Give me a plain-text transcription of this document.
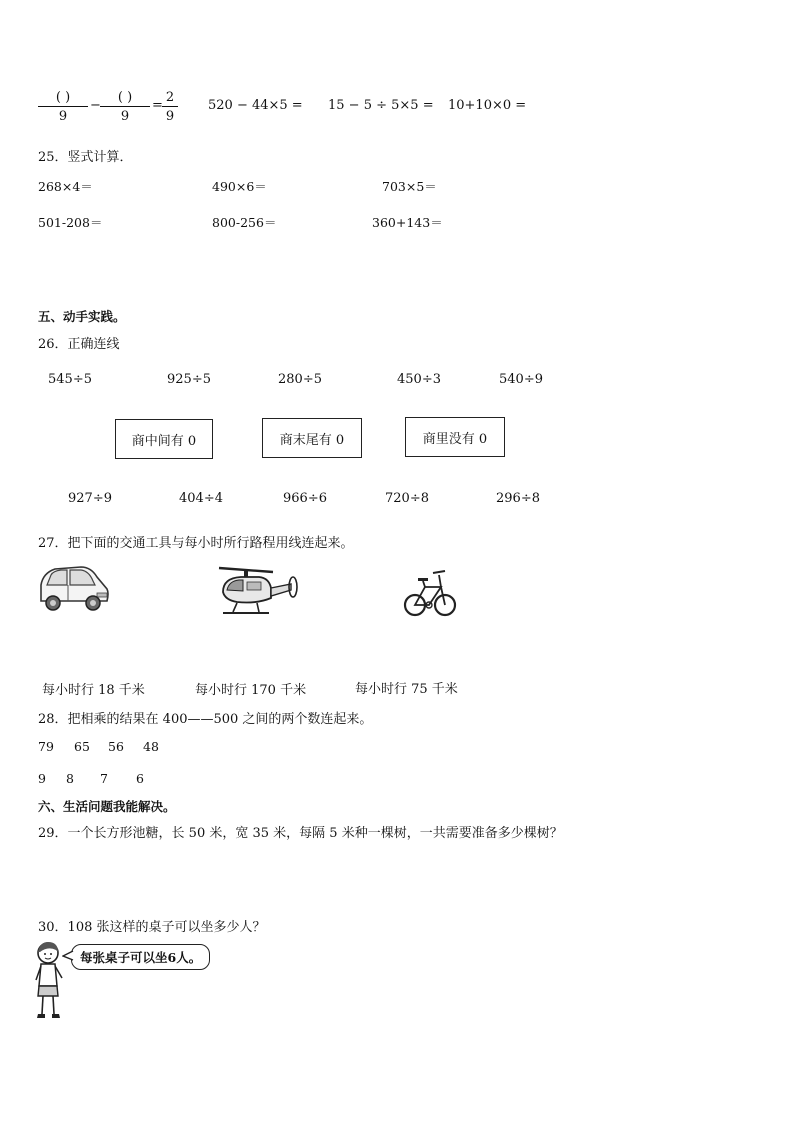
( )
9
−
( )
9
=
2
9
520 − 44×5 = 15 − 5 ÷ 5×5 = 10+10×0 =
25．竖式计算．
268×4＝	490×6＝	703×5＝
501-208＝	800-256＝	360+143＝
五、动手实践。
26．正确连线
545÷5	925÷5	280÷5	450÷3	540÷9
商中间有 0	商末尾有 0	商里没有 0
927÷9	404÷4	966÷6	720÷8	296÷8
27．把下面的交通工具与每小时所行路程用线连起来。
每小时行 18 千米	每小时行 170 千米	每小时行 75 千米
28．把相乘的结果在 400——500 之间的两个数连起来。
79 65 56 48
9 8 7 6
六、生活问题我能解决。
29．一个长方形池糖，长 50 米，宽 35 米，每隔 5 米种一棵树，一共需要准备多少棵树？
30．108 张这样的桌子可以坐多少人？
每张桌子可以坐6人。
